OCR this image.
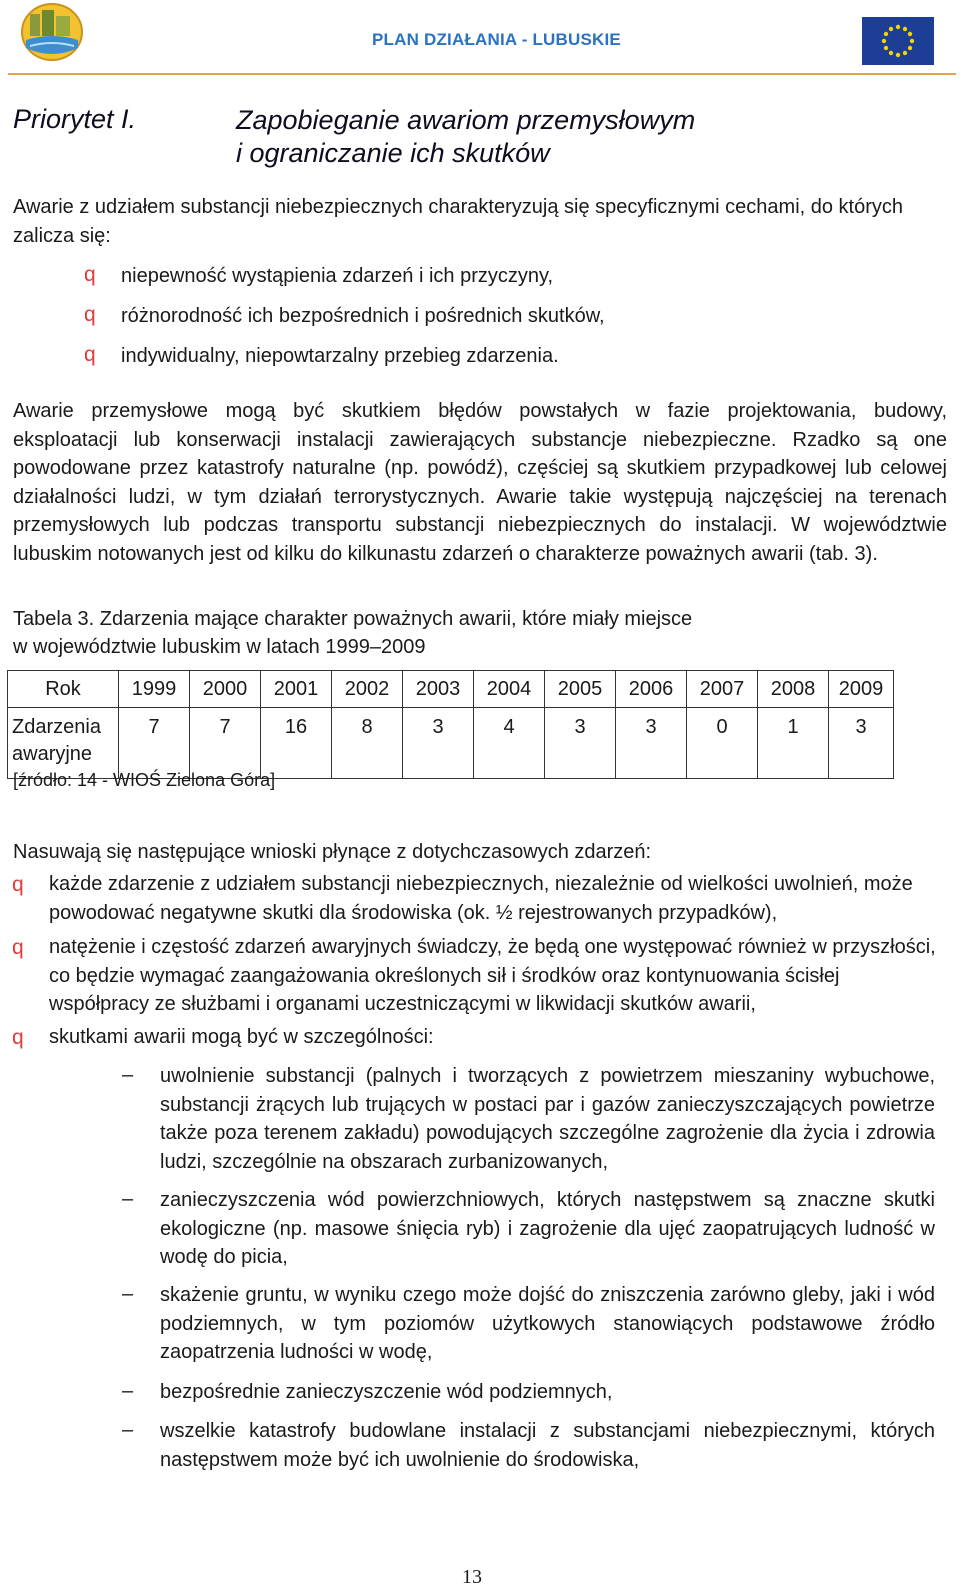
PLAN DZIAŁANIA - LUBUSKIE
Priorytet I.	Zapobieganie awariom przemysłowym
i ograniczanie ich skutków
Awarie z udziałem substancji niebezpiecznych charakteryzują się specyficznymi cechami, do których
zalicza się:
q niepewność wystąpienia zdarzeń i ich przyczyny,
q różnorodność ich bezpośrednich i pośrednich skutków,
q indywidualny, niepowtarzalny przebieg zdarzenia.
Awarie przemysłowe mogą być skutkiem błędów powstałych w fazie projektowania, budowy,
eksploatacji lub konserwacji instalacji zawierających substancje niebezpieczne. Rzadko są one
powodowane przez katastrofy naturalne (np. powódź), częściej są skutkiem przypadkowej lub celowej
działalności ludzi, w tym działań terrorystycznych. Awarie takie występują najczęściej na terenach
przemysłowych lub podczas transportu substancji niebezpiecznych do instalacji. W województwie
lubuskim notowanych jest od kilku do kilkunastu zdarzeń o charakterze poważnych awarii (tab. 3).
Tabela 3. Zdarzenia mające charakter poważnych awarii, które miały miejsce
w województwie lubuskim w latach 1999–2009
Rok	1999	2000	2001	2002	2003	2004	2005	2006	2007	2008	2009

Zdarzenia
awaryjne	7	7	16	8	3	4	3	3	0	1	3
[źródło: 14 - WIOŚ Zielona Góra]
Nasuwają się następujące wnioski płynące z dotychczasowych zdarzeń:
q każde zdarzenie z udziałem substancji niebezpiecznych, niezależnie od wielkości uwolnień, może
powodować negatywne skutki dla środowiska (ok. ½ rejestrowanych przypadków),
q natężenie i częstość zdarzeń awaryjnych świadczy, że będą one występować również w przyszłości,
co będzie wymagać zaangażowania określonych sił i środków oraz kontynuowania ścisłej
współpracy ze służbami i organami uczestniczącymi w likwidacji skutków awarii,
q skutkami awarii mogą być w szczególności:
– uwolnienie substancji (palnych i tworzących z powietrzem mieszaniny wybuchowe,
substancji żrących lub trujących w postaci par i gazów zanieczyszczających powietrze
także poza terenem zakładu) powodujących szczególne zagrożenie dla życia i zdrowia
ludzi, szczególnie na obszarach zurbanizowanych,
– zanieczyszczenia wód powierzchniowych, których następstwem są znaczne skutki
ekologiczne (np. masowe śnięcia ryb) i zagrożenie dla ujęć zaopatrujących ludność w
wodę do picia,
– skażenie gruntu, w wyniku czego może dojść do zniszczenia zarówno gleby, jaki i wód
podziemnych, w tym poziomów użytkowych stanowiących podstawowe źródło
zaopatrzenia ludności w wodę,
– bezpośrednie zanieczyszczenie wód podziemnych,
– wszelkie katastrofy budowlane instalacji z substancjami niebezpiecznymi, których
następstwem może być ich uwolnienie do środowiska,
13
